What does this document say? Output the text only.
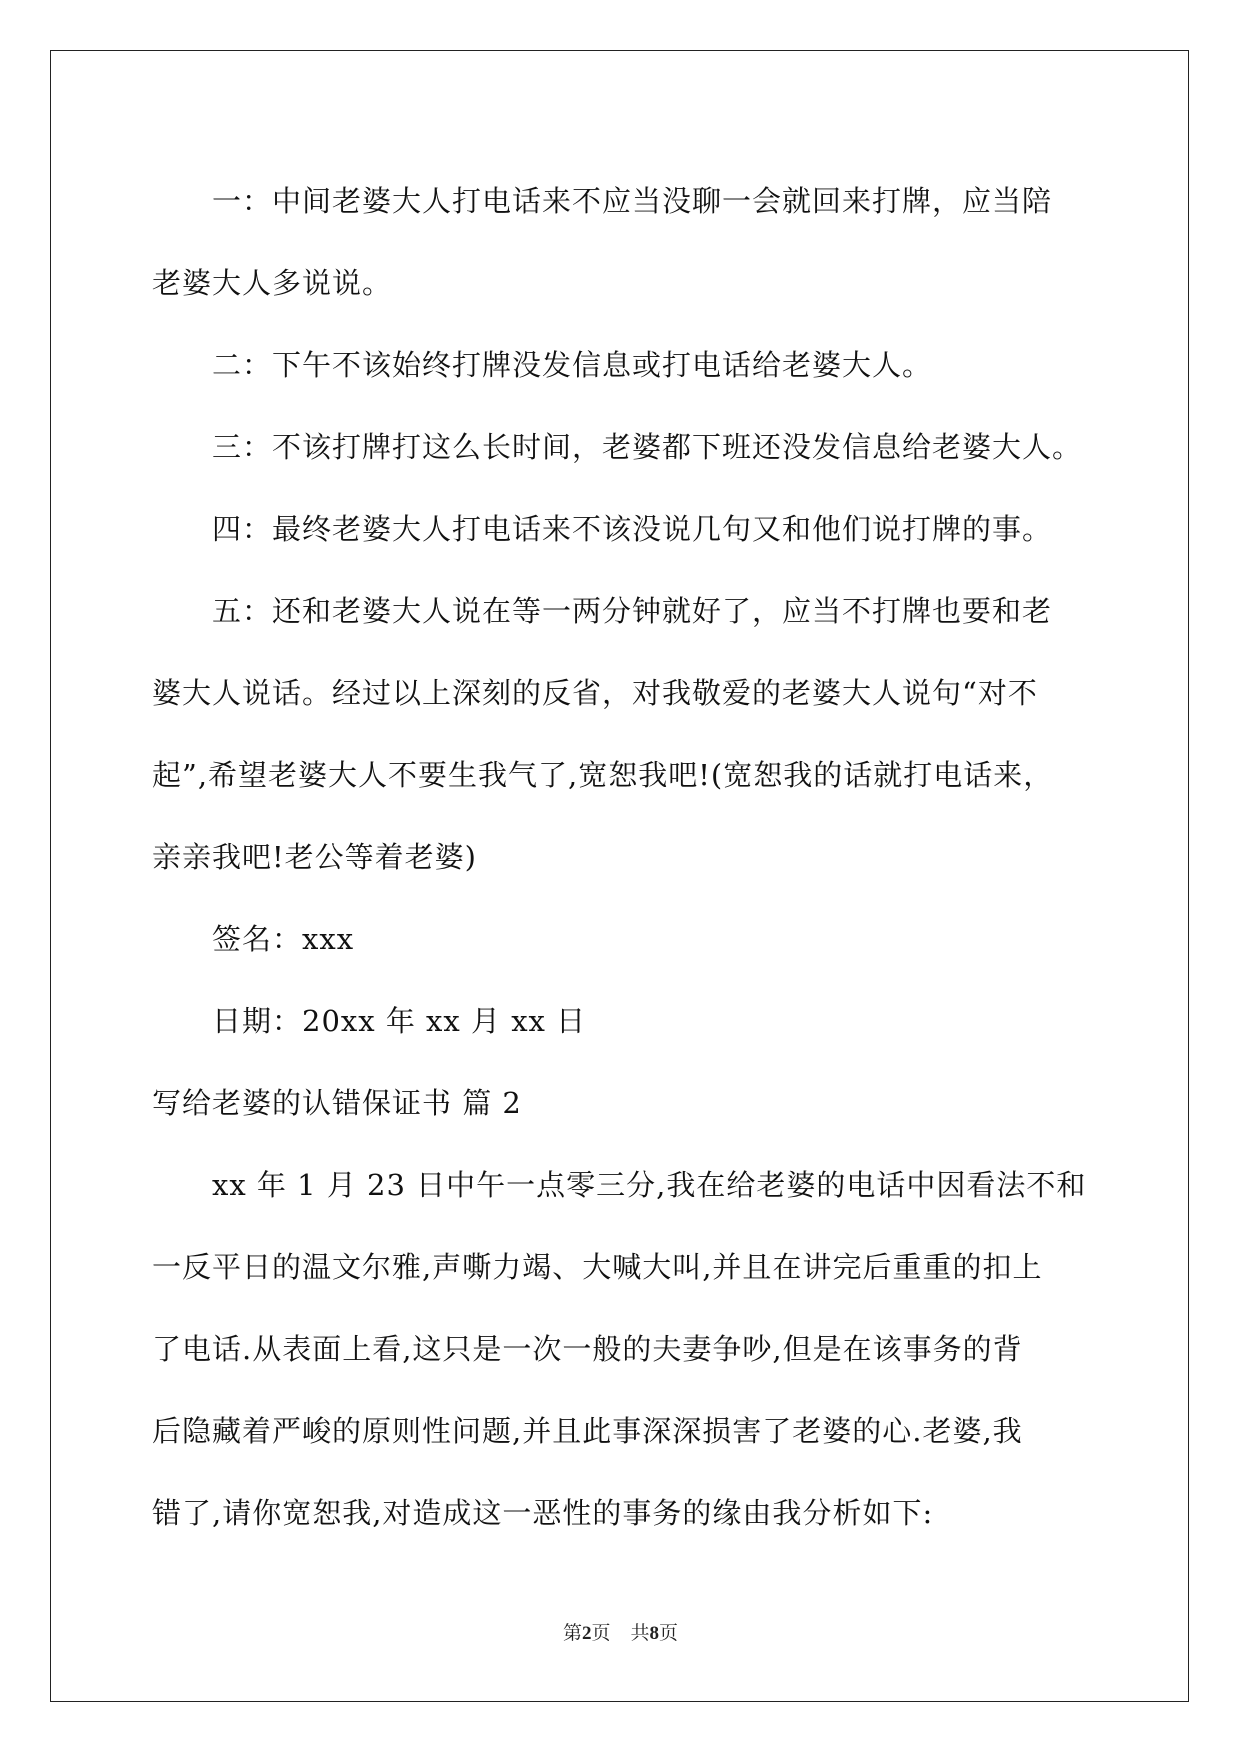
一：中间老婆大人打电话来不应当没聊一会就回来打牌，应当陪
老婆大人多说说。
二：下午不该始终打牌没发信息或打电话给老婆大人。
三：不该打牌打这么长时间，老婆都下班还没发信息给老婆大人。
四：最终老婆大人打电话来不该没说几句又和他们说打牌的事。
五：还和老婆大人说在等一两分钟就好了，应当不打牌也要和老
婆大人说话。经过以上深刻的反省，对我敬爱的老婆大人说句“对不
起”,希望老婆大人不要生我气了,宽恕我吧!(宽恕我的话就打电话来，
亲亲我吧!老公等着老婆)
签名：xxx
日期：20xx 年 xx 月 xx 日
写给老婆的认错保证书 篇 2
xx 年 1 月 23 日中午一点零三分,我在给老婆的电话中因看法不和
一反平日的温文尔雅,声嘶力竭、大喊大叫,并且在讲完后重重的扣上
了电话.从表面上看,这只是一次一般的夫妻争吵,但是在该事务的背
后隐藏着严峻的原则性问题,并且此事深深损害了老婆的心.老婆,我
错了,请你宽恕我,对造成这一恶性的事务的缘由我分析如下:
第2页 共8页
